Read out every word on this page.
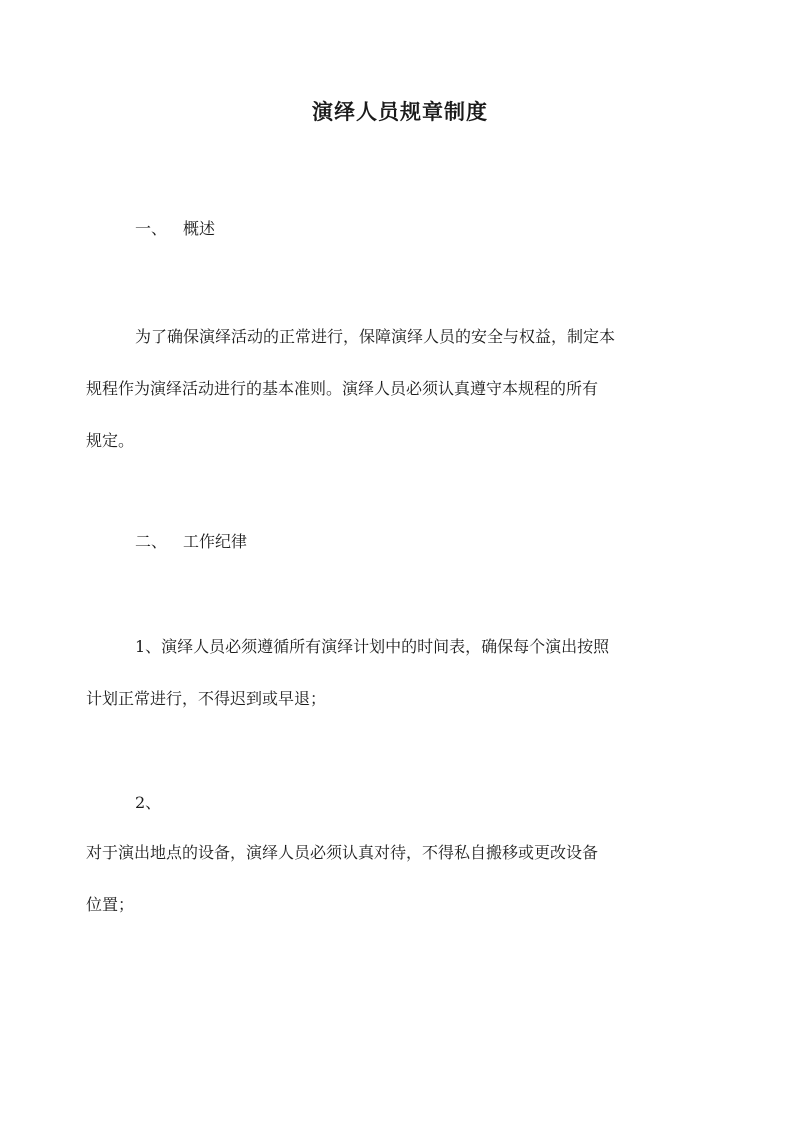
演绎人员规章制度
一、 概述
为了确保演绎活动的正常进行，保障演绎人员的安全与权益，制定本
规程作为演绎活动进行的基本准则。演绎人员必须认真遵守本规程的所有
规定。
二、 工作纪律
1、演绎人员必须遵循所有演绎计划中的时间表，确保每个演出按照
计划正常进行，不得迟到或早退；
2、
对于演出地点的设备，演绎人员必须认真对待，不得私自搬移或更改设备
位置；
